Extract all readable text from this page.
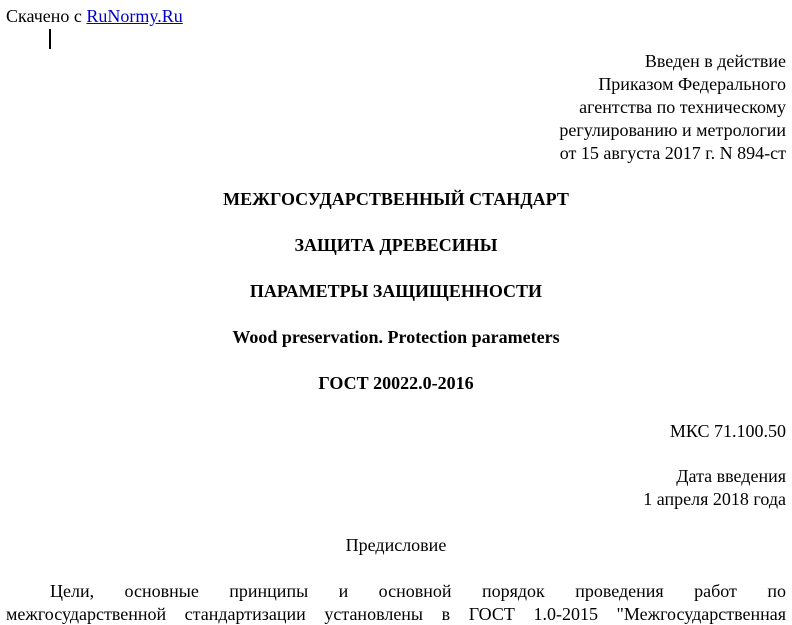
Скачено с RuNormy.Ru
Введен в действие
Приказом Федерального
агентства по техническому
регулированию и метрологии
от 15 августа 2017 г. N 894-ст
МЕЖГОСУДАРСТВЕННЫЙ СТАНДАРТ
ЗАЩИТА ДРЕВЕСИНЫ
ПАРАМЕТРЫ ЗАЩИЩЕННОСТИ
Wood preservation. Protection parameters
ГОСТ 20022.0-2016
МКС 71.100.50
Дата введения
1 апреля 2018 года
Предисловие
Цели, основные принципы и основной порядок проведения работ по
межгосударственной стандартизации установлены в ГОСТ 1.0-2015 "Межгосударственная
